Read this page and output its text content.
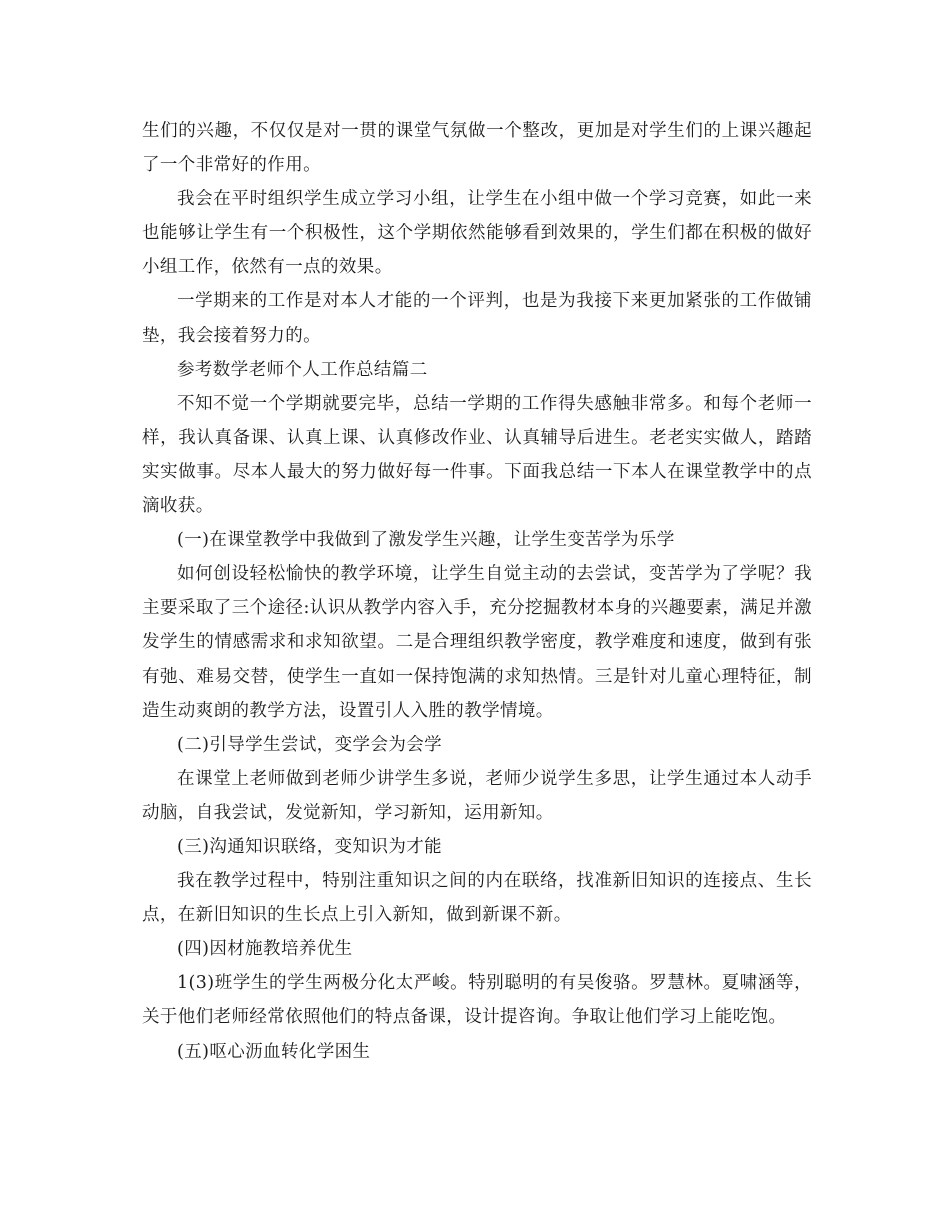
生们的兴趣，不仅仅是对一贯的课堂气氛做一个整改，更加是对学生们的上课兴趣起了一个非常好的作用。

我会在平时组织学生成立学习小组，让学生在小组中做一个学习竞赛，如此一来也能够让学生有一个积极性，这个学期依然能够看到效果的，学生们都在积极的做好小组工作，依然有一点的效果。

一学期来的工作是对本人才能的一个评判，也是为我接下来更加紧张的工作做铺垫，我会接着努力的。

参考数学老师个人工作总结篇二

不知不觉一个学期就要完毕，总结一学期的工作得失感触非常多。和每个老师一样，我认真备课、认真上课、认真修改作业、认真辅导后进生。老老实实做人，踏踏实实做事。尽本人最大的努力做好每一件事。下面我总结一下本人在课堂教学中的点滴收获。

(一)在课堂教学中我做到了激发学生兴趣，让学生变苦学为乐学

如何创设轻松愉快的教学环境，让学生自觉主动的去尝试，变苦学为了学呢？我主要采取了三个途径:认识从教学内容入手，充分挖掘教材本身的兴趣要素，满足并激发学生的情感需求和求知欲望。二是合理组织教学密度，教学难度和速度，做到有张有弛、难易交替，使学生一直如一保持饱满的求知热情。三是针对儿童心理特征，制造生动爽朗的教学方法，设置引人入胜的教学情境。

(二)引导学生尝试，变学会为会学

在课堂上老师做到老师少讲学生多说，老师少说学生多思，让学生通过本人动手动脑，自我尝试，发觉新知，学习新知，运用新知。

(三)沟通知识联络，变知识为才能

我在教学过程中，特别注重知识之间的内在联络，找准新旧知识的连接点、生长点，在新旧知识的生长点上引入新知，做到新课不新。

(四)因材施教培养优生

1(3)班学生的学生两极分化太严峻。特别聪明的有吴俊骆。罗慧林。夏啸涵等，关于他们老师经常依照他们的特点备课，设计提咨询。争取让他们学习上能吃饱。

(五)呕心沥血转化学困生
